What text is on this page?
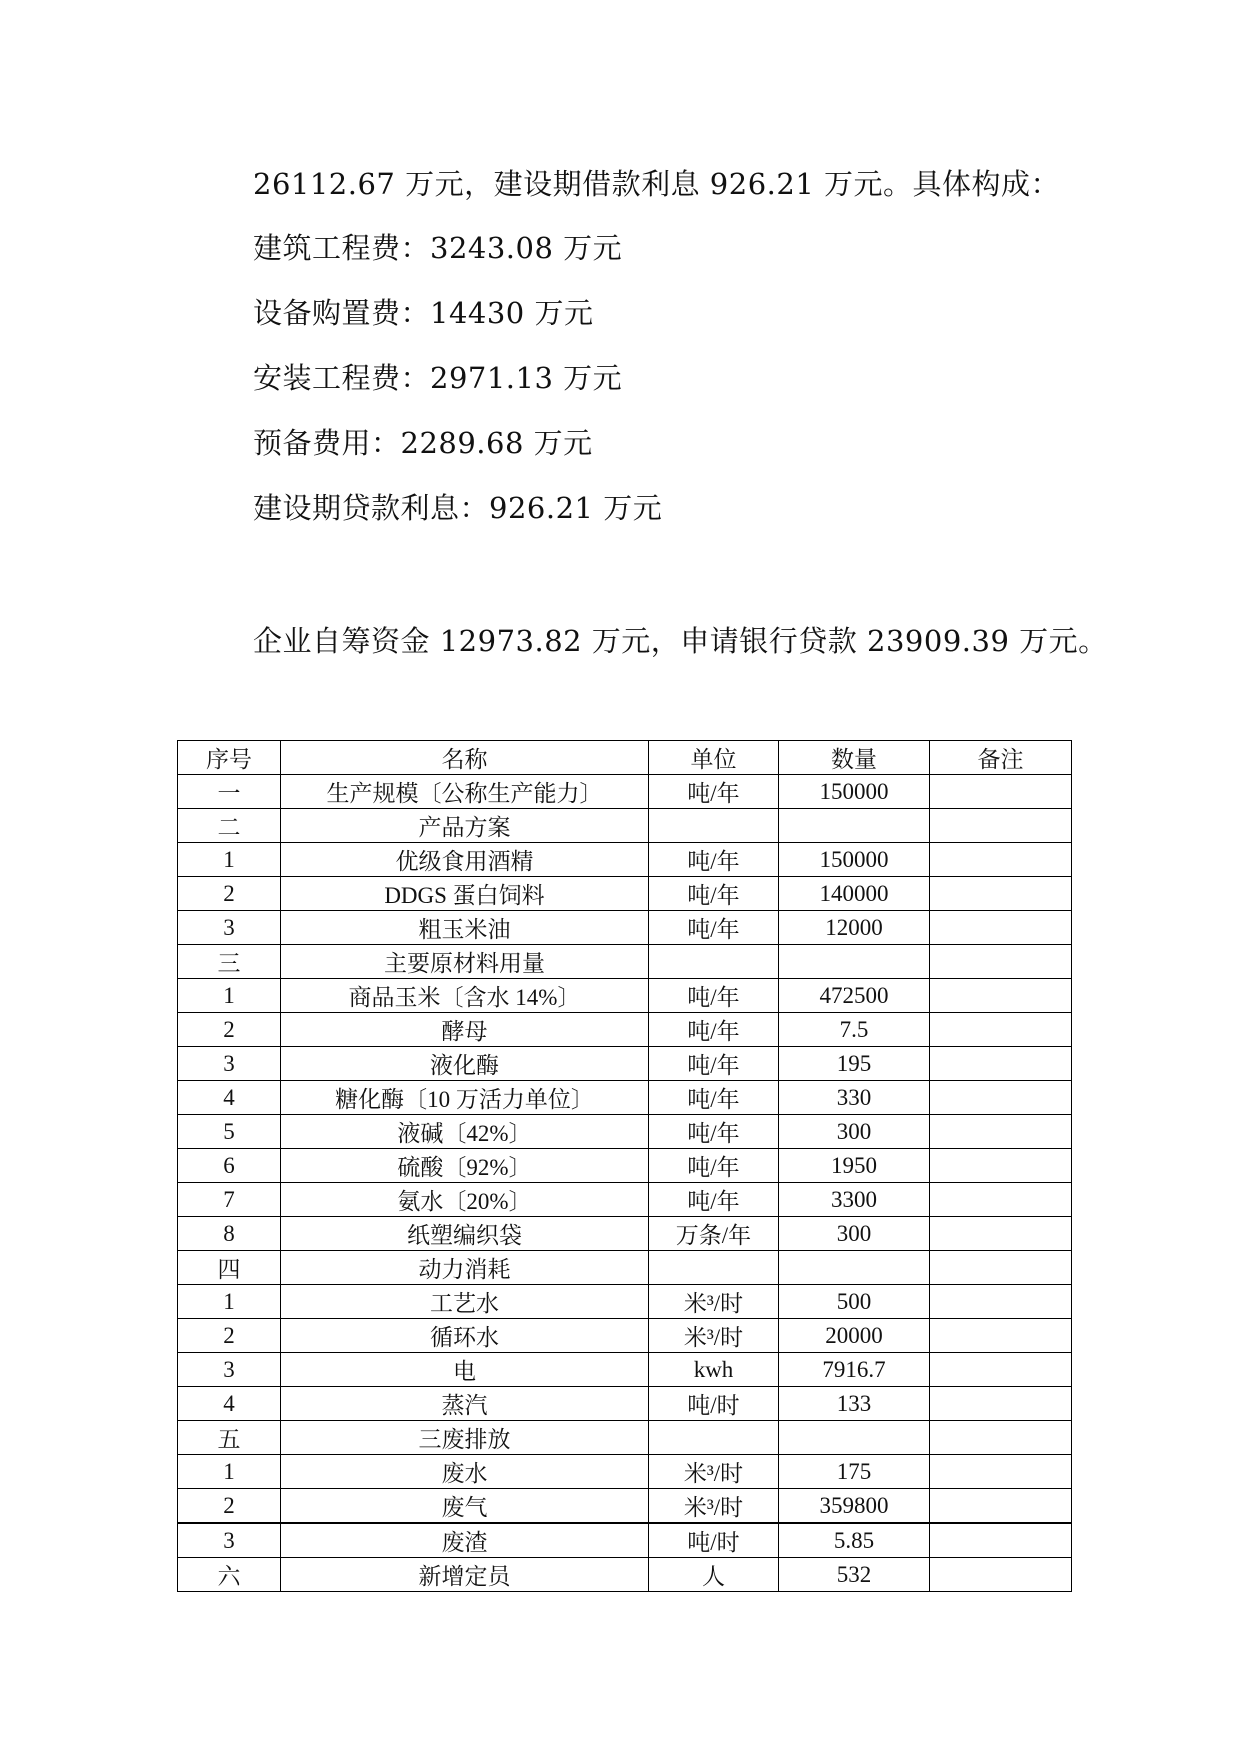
26112.67 万元，建设期借款利息 926.21 万元。具体构成：
建筑工程费：3243.08 万元
设备购置费：14430 万元
安装工程费：2971.13 万元
预备费用：2289.68 万元
建设期贷款利息：926.21 万元
企业自筹资金 12973.82 万元，申请银行贷款 23909.39 万元。
序号	名称	单位	数量	备注
一	生产规模〔公称生产能力〕	吨/年	150000	
二	产品方案			
1	优级食用酒精	吨/年	150000	
2	DDGS 蛋白饲料	吨/年	140000	
3	粗玉米油	吨/年	12000	
三	主要原材料用量			
1	商品玉米〔含水 14%〕	吨/年	472500	
2	酵母	吨/年	7.5	
3	液化酶	吨/年	195	
4	糖化酶〔10 万活力单位〕	吨/年	330	
5	液碱〔42%〕	吨/年	300	
6	硫酸〔92%〕	吨/年	1950	
7	氨水〔20%〕	吨/年	3300	
8	纸塑编织袋	万条/年	300	
四	动力消耗			
1	工艺水	米³/时	500	
2	循环水	米³/时	20000	
3	电	kwh	7916.7	
4	蒸汽	吨/时	133	
五	三废排放			
1	废水	米³/时	175	
2	废气	米³/时	359800	
3	废渣	吨/时	5.85	
六	新增定员	人	532	
